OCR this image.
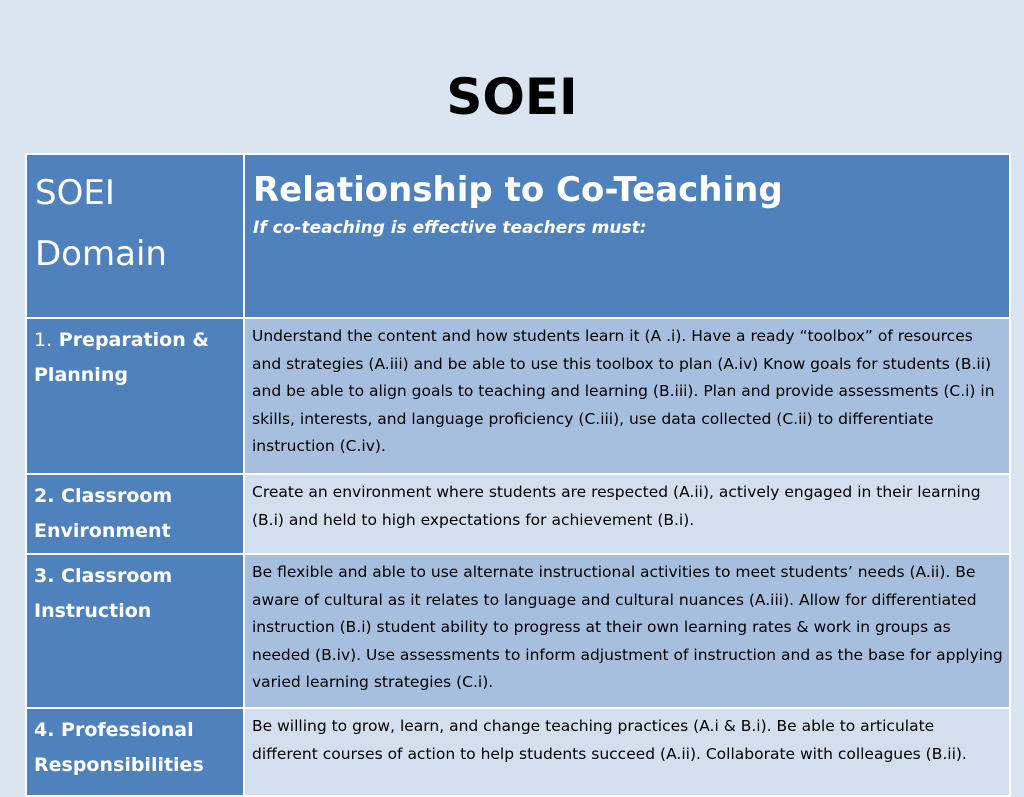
SOEI
SOEI
Domain	Relationship to Co-Teaching
If co-teaching is effective teachers must:

1. Preparation & Planning	Understand the content and how students learn it (A .i). Have a ready “toolbox” of resources and strategies (A.iii) and be able to use this toolbox to plan (A.iv) Know goals for students (B.ii) and be able to align goals to teaching and learning (B.iii). Plan and provide assessments (C.i) in skills, interests, and language proficiency (C.iii), use data collected (C.ii) to differentiate instruction (C.iv).
2. Classroom Environment	Create an environment where students are respected (A.ii), actively engaged in their learning (B.i) and held to high expectations for achievement (B.i).
3. Classroom Instruction	Be flexible and able to use alternate instructional activities to meet students’ needs (A.ii). Be aware of cultural as it relates to language and cultural nuances (A.iii). Allow for differentiated instruction (B.i) student ability to progress at their own learning rates & work in groups as needed (B.iv). Use assessments to inform adjustment of instruction and as the base for applying varied learning strategies (C.i).
4. Professional Responsibilities	Be willing to grow, learn, and change teaching practices (A.i & B.i). Be able to articulate different courses of action to help students succeed (A.ii). Collaborate with colleagues (B.ii).
